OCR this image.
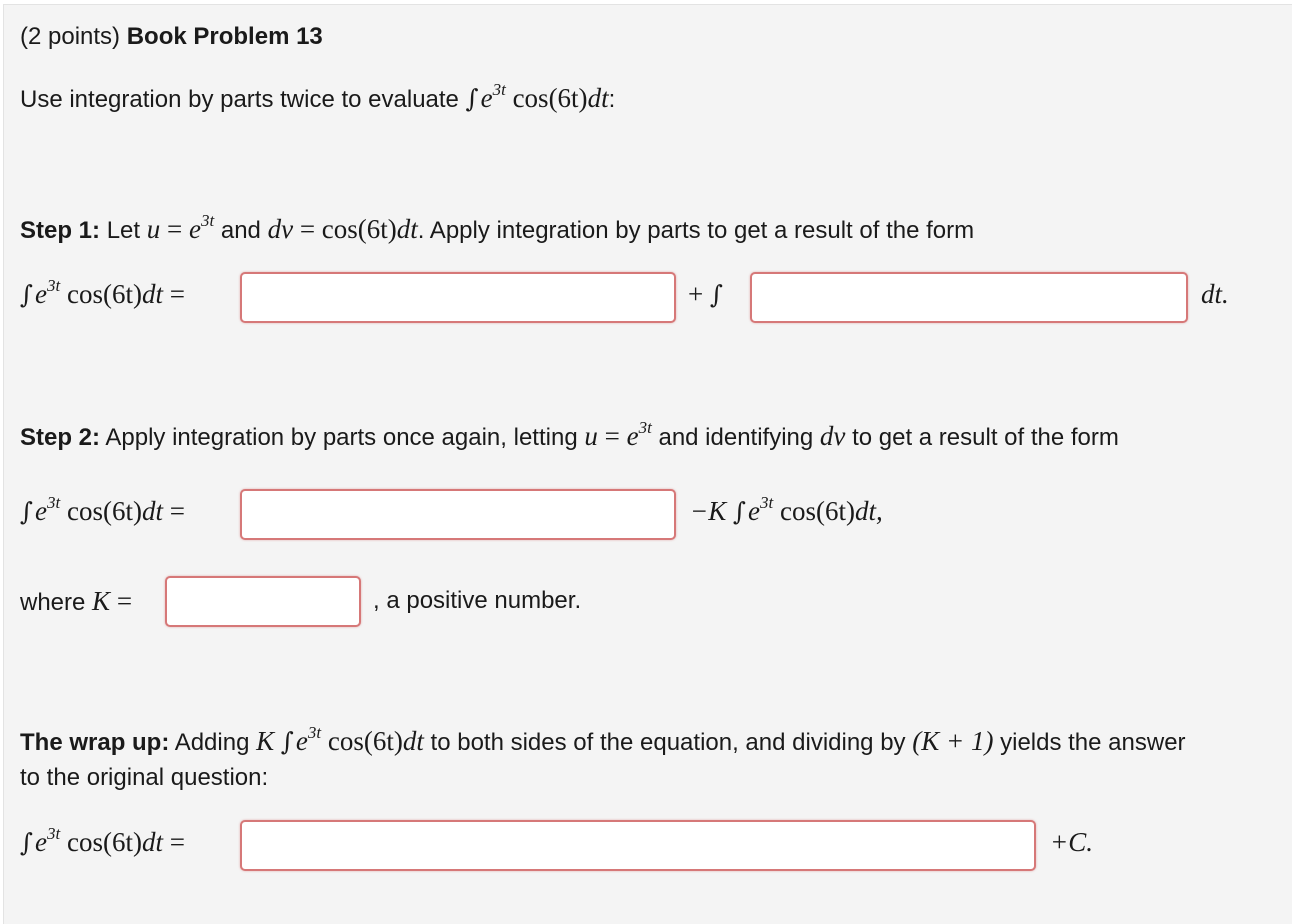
(2 points) Book Problem 13
Use integration by parts twice to evaluate $\int e^{3t}$ cos(6t)dt:
Step 1: Let $u = e^{3t}$ and dv = cos(6t)dt. Apply integration by parts to get a result of the form
$\int e^{3t}$ cos(6t)dt =	+ ∫	dt.
Step 2: Apply integration by parts once again, letting $u = e^{3t}$ and identifying dv to get a result of the form
$\int e^{3t}$ cos(6t)dt =	−K $\int e^{3t}$ cos(6t)dt,
where K =	, a positive number.
The wrap up: Adding K $\int e^{3t}$ cos(6t)dt to both sides of the equation, and dividing by (K + 1) yields the answer
to the original question:
$\int e^{3t}$ cos(6t)dt =	+C.
